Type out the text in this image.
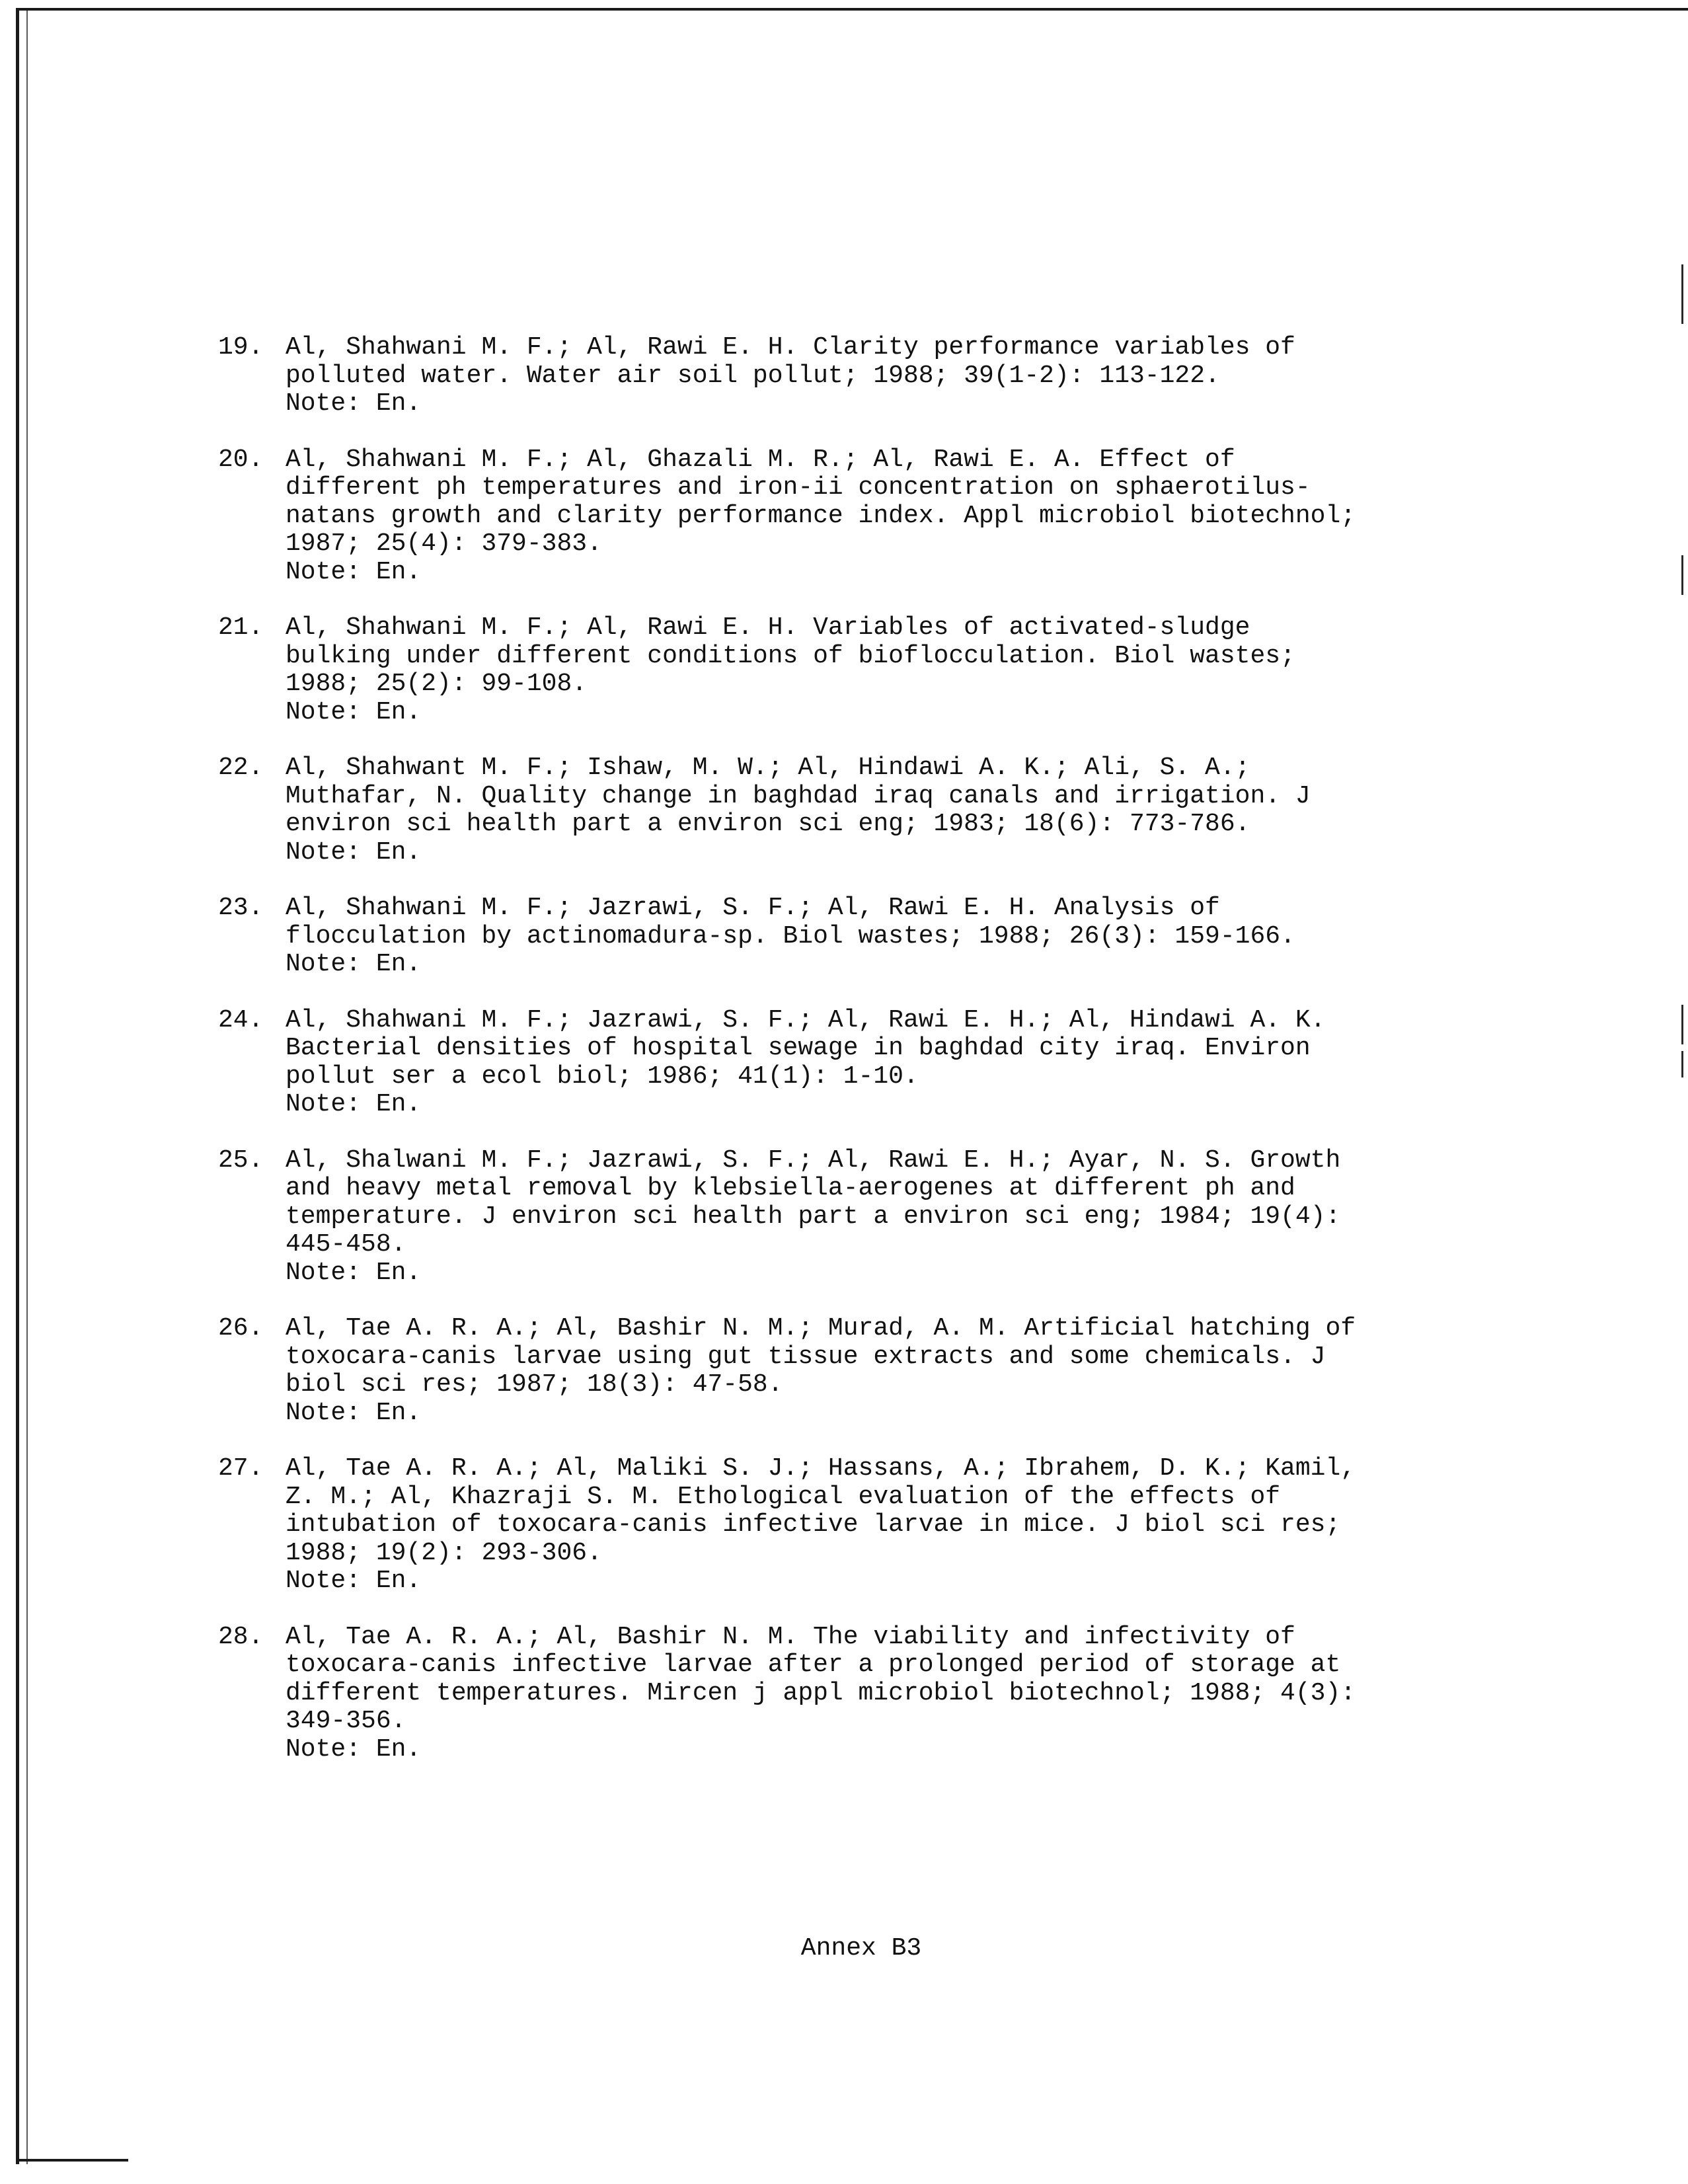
19. Al, Shahwani M. F.; Al, Rawi E. H. Clarity performance variables of
polluted water. Water air soil pollut; 1988; 39(1-2): 113-122.
Note: En.
20. Al, Shahwani M. F.; Al, Ghazali M. R.; Al, Rawi E. A. Effect of
different ph temperatures and iron-ii concentration on sphaerotilus-
natans growth and clarity performance index. Appl microbiol biotechnol;
1987; 25(4): 379-383.
Note: En.
21. Al, Shahwani M. F.; Al, Rawi E. H. Variables of activated-sludge
bulking under different conditions of bioflocculation. Biol wastes;
1988; 25(2): 99-108.
Note: En.
22. Al, Shahwant M. F.; Ishaw, M. W.; Al, Hindawi A. K.; Ali, S. A.;
Muthafar, N. Quality change in baghdad iraq canals and irrigation. J
environ sci health part a environ sci eng; 1983; 18(6): 773-786.
Note: En.
23. Al, Shahwani M. F.; Jazrawi, S. F.; Al, Rawi E. H. Analysis of
flocculation by actinomadura-sp. Biol wastes; 1988; 26(3): 159-166.
Note: En.
24. Al, Shahwani M. F.; Jazrawi, S. F.; Al, Rawi E. H.; Al, Hindawi A. K.
Bacterial densities of hospital sewage in baghdad city iraq. Environ
pollut ser a ecol biol; 1986; 41(1): 1-10.
Note: En.
25. Al, Shalwani M. F.; Jazrawi, S. F.; Al, Rawi E. H.; Ayar, N. S. Growth
and heavy metal removal by klebsiella-aerogenes at different ph and
temperature. J environ sci health part a environ sci eng; 1984; 19(4):
445-458.
Note: En.
26. Al, Tae A. R. A.; Al, Bashir N. M.; Murad, A. M. Artificial hatching of
toxocara-canis larvae using gut tissue extracts and some chemicals. J
biol sci res; 1987; 18(3): 47-58.
Note: En.
27. Al, Tae A. R. A.; Al, Maliki S. J.; Hassans, A.; Ibrahem, D. K.; Kamil,
Z. M.; Al, Khazraji S. M. Ethological evaluation of the effects of
intubation of toxocara-canis infective larvae in mice. J biol sci res;
1988; 19(2): 293-306.
Note: En.
28. Al, Tae A. R. A.; Al, Bashir N. M. The viability and infectivity of
toxocara-canis infective larvae after a prolonged period of storage at
different temperatures. Mircen j appl microbiol biotechnol; 1988; 4(3):
349-356.
Note: En.
Annex B3
